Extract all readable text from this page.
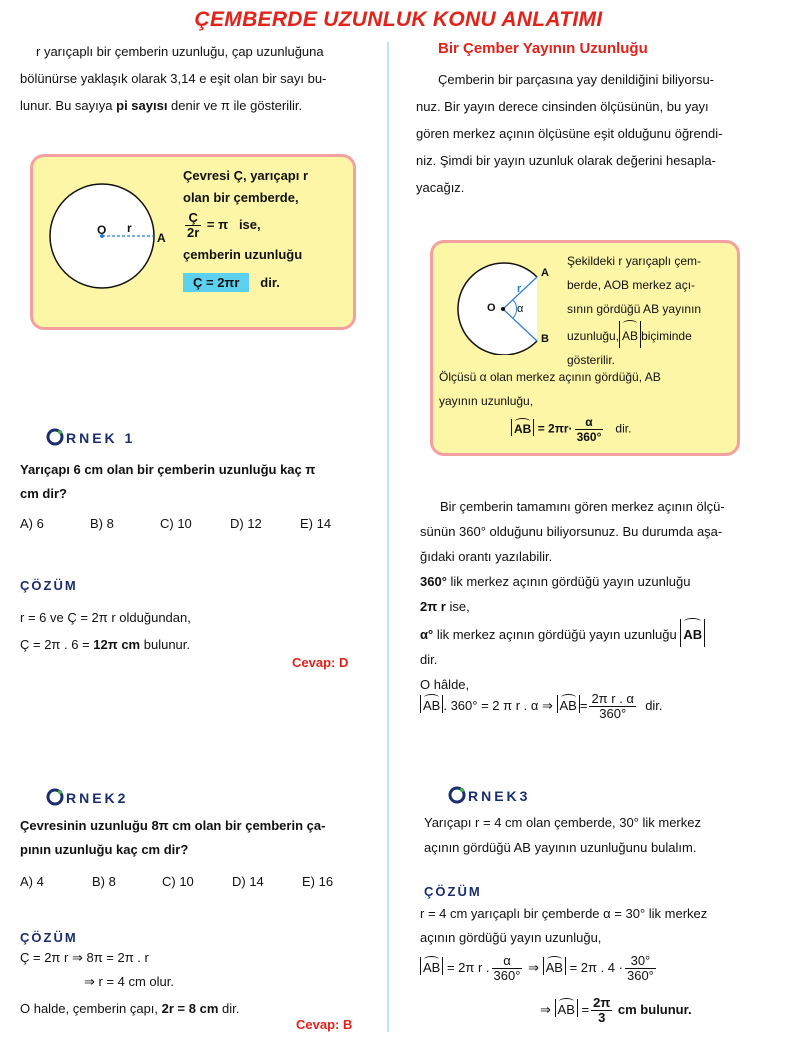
ÇEMBERDE UZUNLUK KONU ANLATIMI
r yarıçaplı bir çemberin uzunluğu, çap uzunluğuna
bölünürse yaklaşık olarak 3,14 e eşit olan bir sayı bu-
lunur. Bu sayıya pi sayısı denir ve π ile gösterilir.
O r
A
Çevresi Ç, yarıçapı r
olan bir çemberde,
$\frac{Ç}{2r} = \pi$ ise,
çemberin uzunluğu
Ç = 2πr dir.
RNEK 1
Yarıçapı 6 cm olan bir çemberin uzunluğu kaç π
cm dir?
A) 6	B) 8	C) 10	D) 12	E) 14
ÇÖZÜM
r = 6 ve Ç = 2π r olduğundan,
Ç = 2π . 6 = 12π cm bulunur.
Cevap: D
RNEK2
Çevresinin uzunluğu 8π cm olan bir çemberin ça-
pının uzunluğu kaç cm dir?
A) 4	B) 8	C) 10	D) 14	E) 16
ÇÖZÜM
Ç = 2π r ⇒ 8π = 2π . r
⇒ r = 4 cm olur.
O halde, çemberin çapı, 2r = 8 cm dir.
Cevap: B
Bir Çember Yayının Uzunluğu
Çemberin bir parçasına yay denildiğini biliyorsu-
nuz. Bir yayın derece cinsinden ölçüsünün, bu yayı
gören merkez açının ölçüsüne eşit olduğunu öğrendi-
niz. Şimdi bir yayın uzunluk olarak değerini hesapla-
yacağız.
O
A
B
r
α
Şekildeki r yarıçaplı çem-
berde, AOB merkez açı-
sının gördüğü AB yayının
uzunluğu, AB biçiminde
gösterilir.
Ölçüsü α olan merkez açının gördüğü, AB
yayının uzunluğu,
AB = $2\pi r\cdot \frac{\alpha}{360^\circ}$ dir.
Bir çemberin tamamını gören merkez açının ölçü-
sünün 360° olduğunu biliyorsunuz. Bu durumda aşa-
ğıdaki orantı yazılabilir.
360° lik merkez açının gördüğü yayın uzunluğu
2π r ise,
α° lik merkez açının gördüğü yayın uzunluğu AB
dir.
O hâlde,
AB . 360° = 2 π r . α ⇒ AB = $\frac{\text{2π r . α}}{360^\circ}$ dir.
RNEK3
Yarıçapı r = 4 cm olan çemberde, 30° lik merkez
açının gördüğü AB yayının uzunluğunu bulalım.
ÇÖZÜM
r = 4 cm yarıçaplı bir çemberde α = 30° lik merkez
açının gördüğü yayın uzunluğu,
AB = 2π r . $\frac{\alpha}{360^\circ}$ ⇒ AB = 2π . $4 \cdot \frac{30^\circ}{360^\circ}$
⇒ AB = $\frac{2\pi}{3}$ cm bulunur.
